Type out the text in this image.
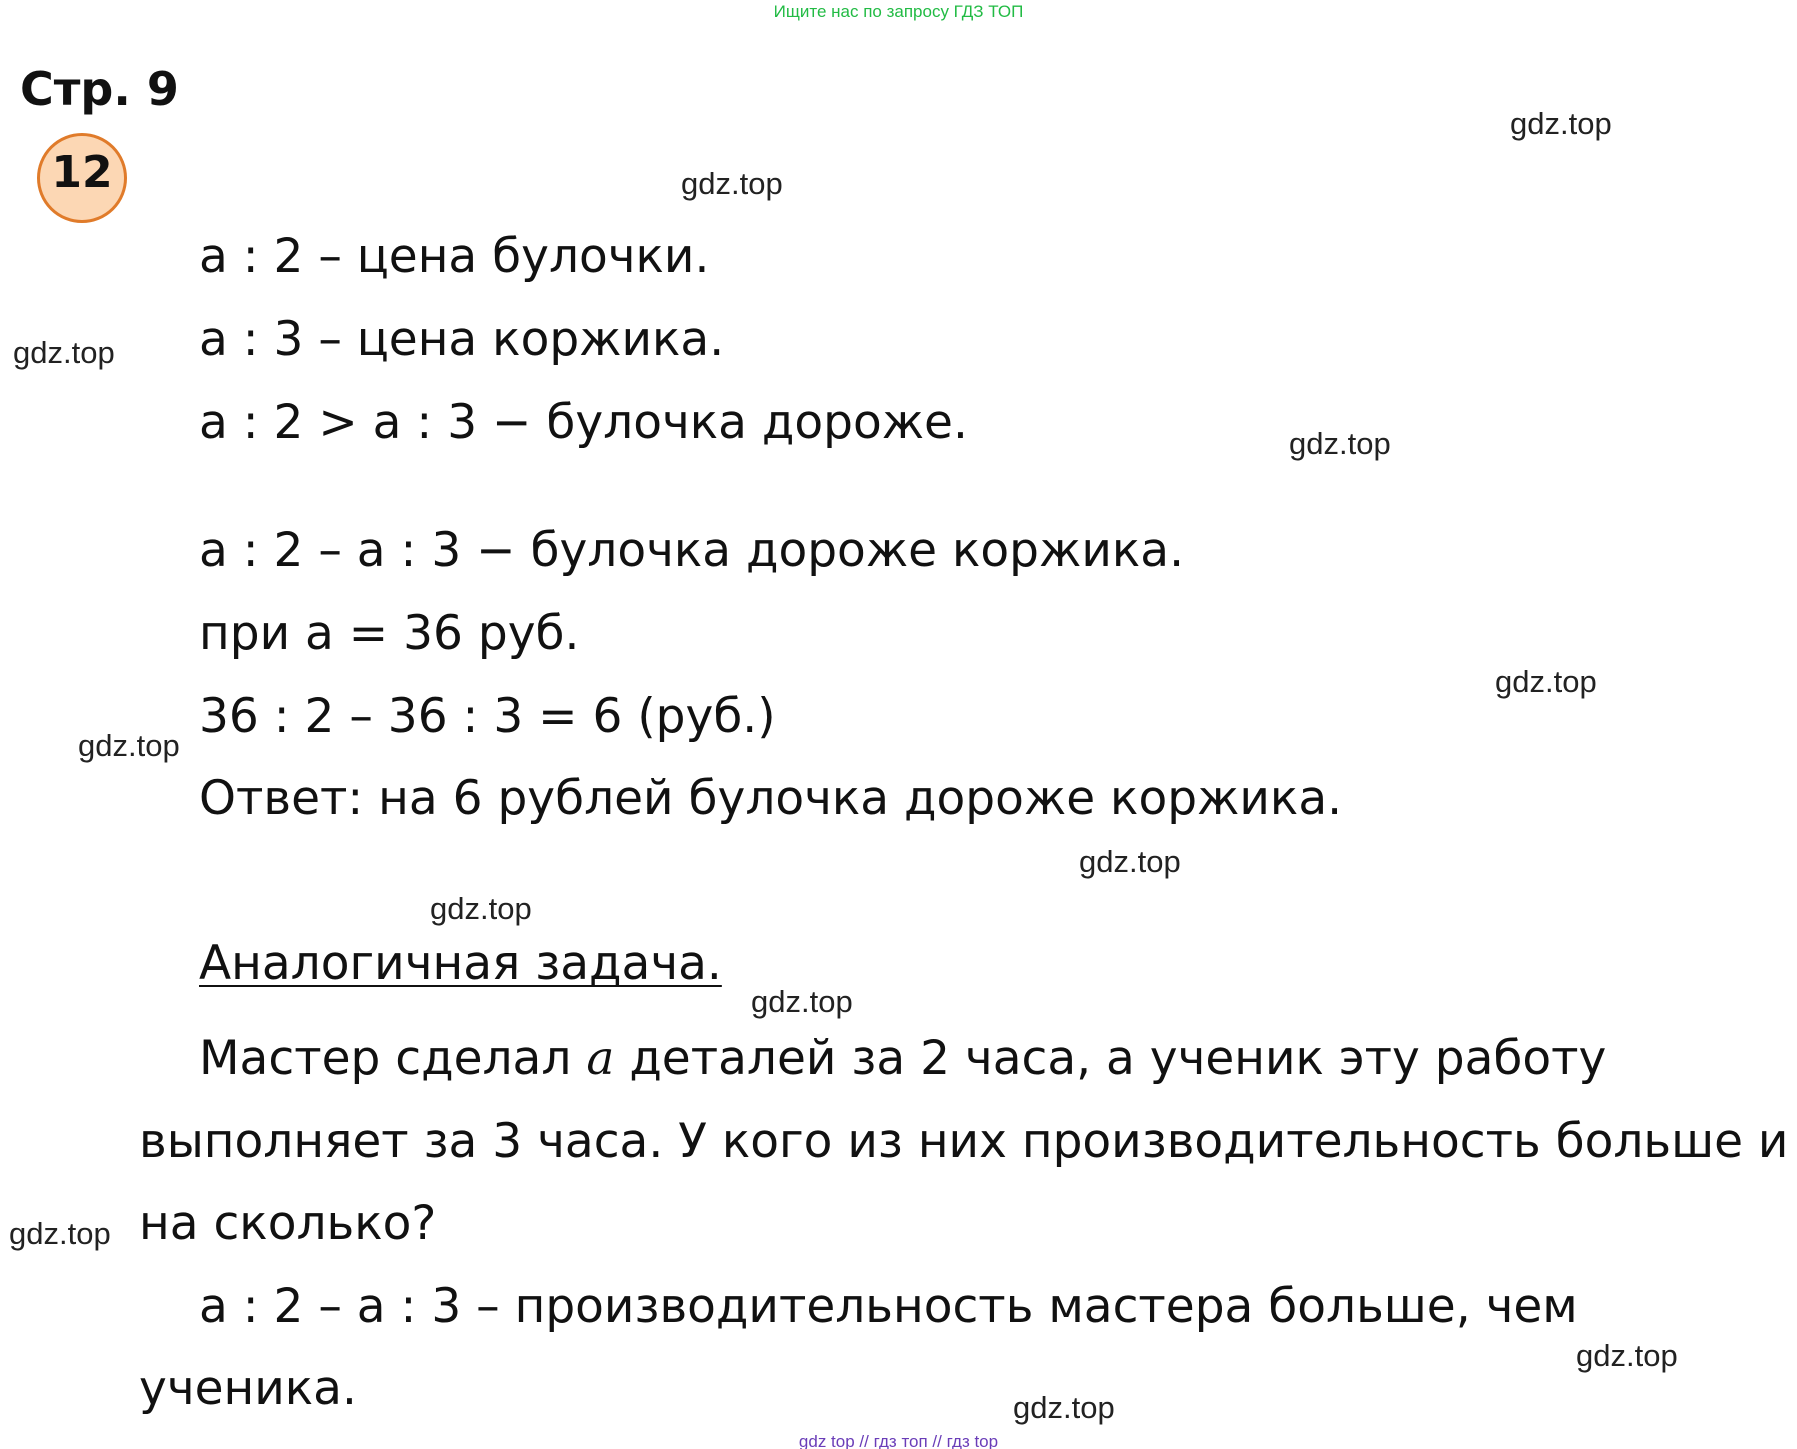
Ищите нас по запросу ГДЗ ТОП
Стр. 9
12
a : 2 – цена булочки.
a : 3 – цена коржика.
a : 2 > a : 3 − булочка дороже.
a : 2 – a : 3 − булочка дороже коржика.
при a = 36 руб.
36 : 2 – 36 : 3 = 6 (руб.)
Ответ: на 6 рублей булочка дороже коржика.
Аналогичная задача.
Мастер сделал a деталей за 2 часа, а ученик эту работу
выполняет за 3 часа. У кого из них производительность больше и
на сколько?
a : 2 – a : 3 – производительность мастера больше, чем
ученика.
gdz.top
gdz.top
gdz.top
gdz.top
gdz.top
gdz.top
gdz.top
gdz.top
gdz.top
gdz.top
gdz.top
gdz.top
gdz top // гдз топ // гдз top
